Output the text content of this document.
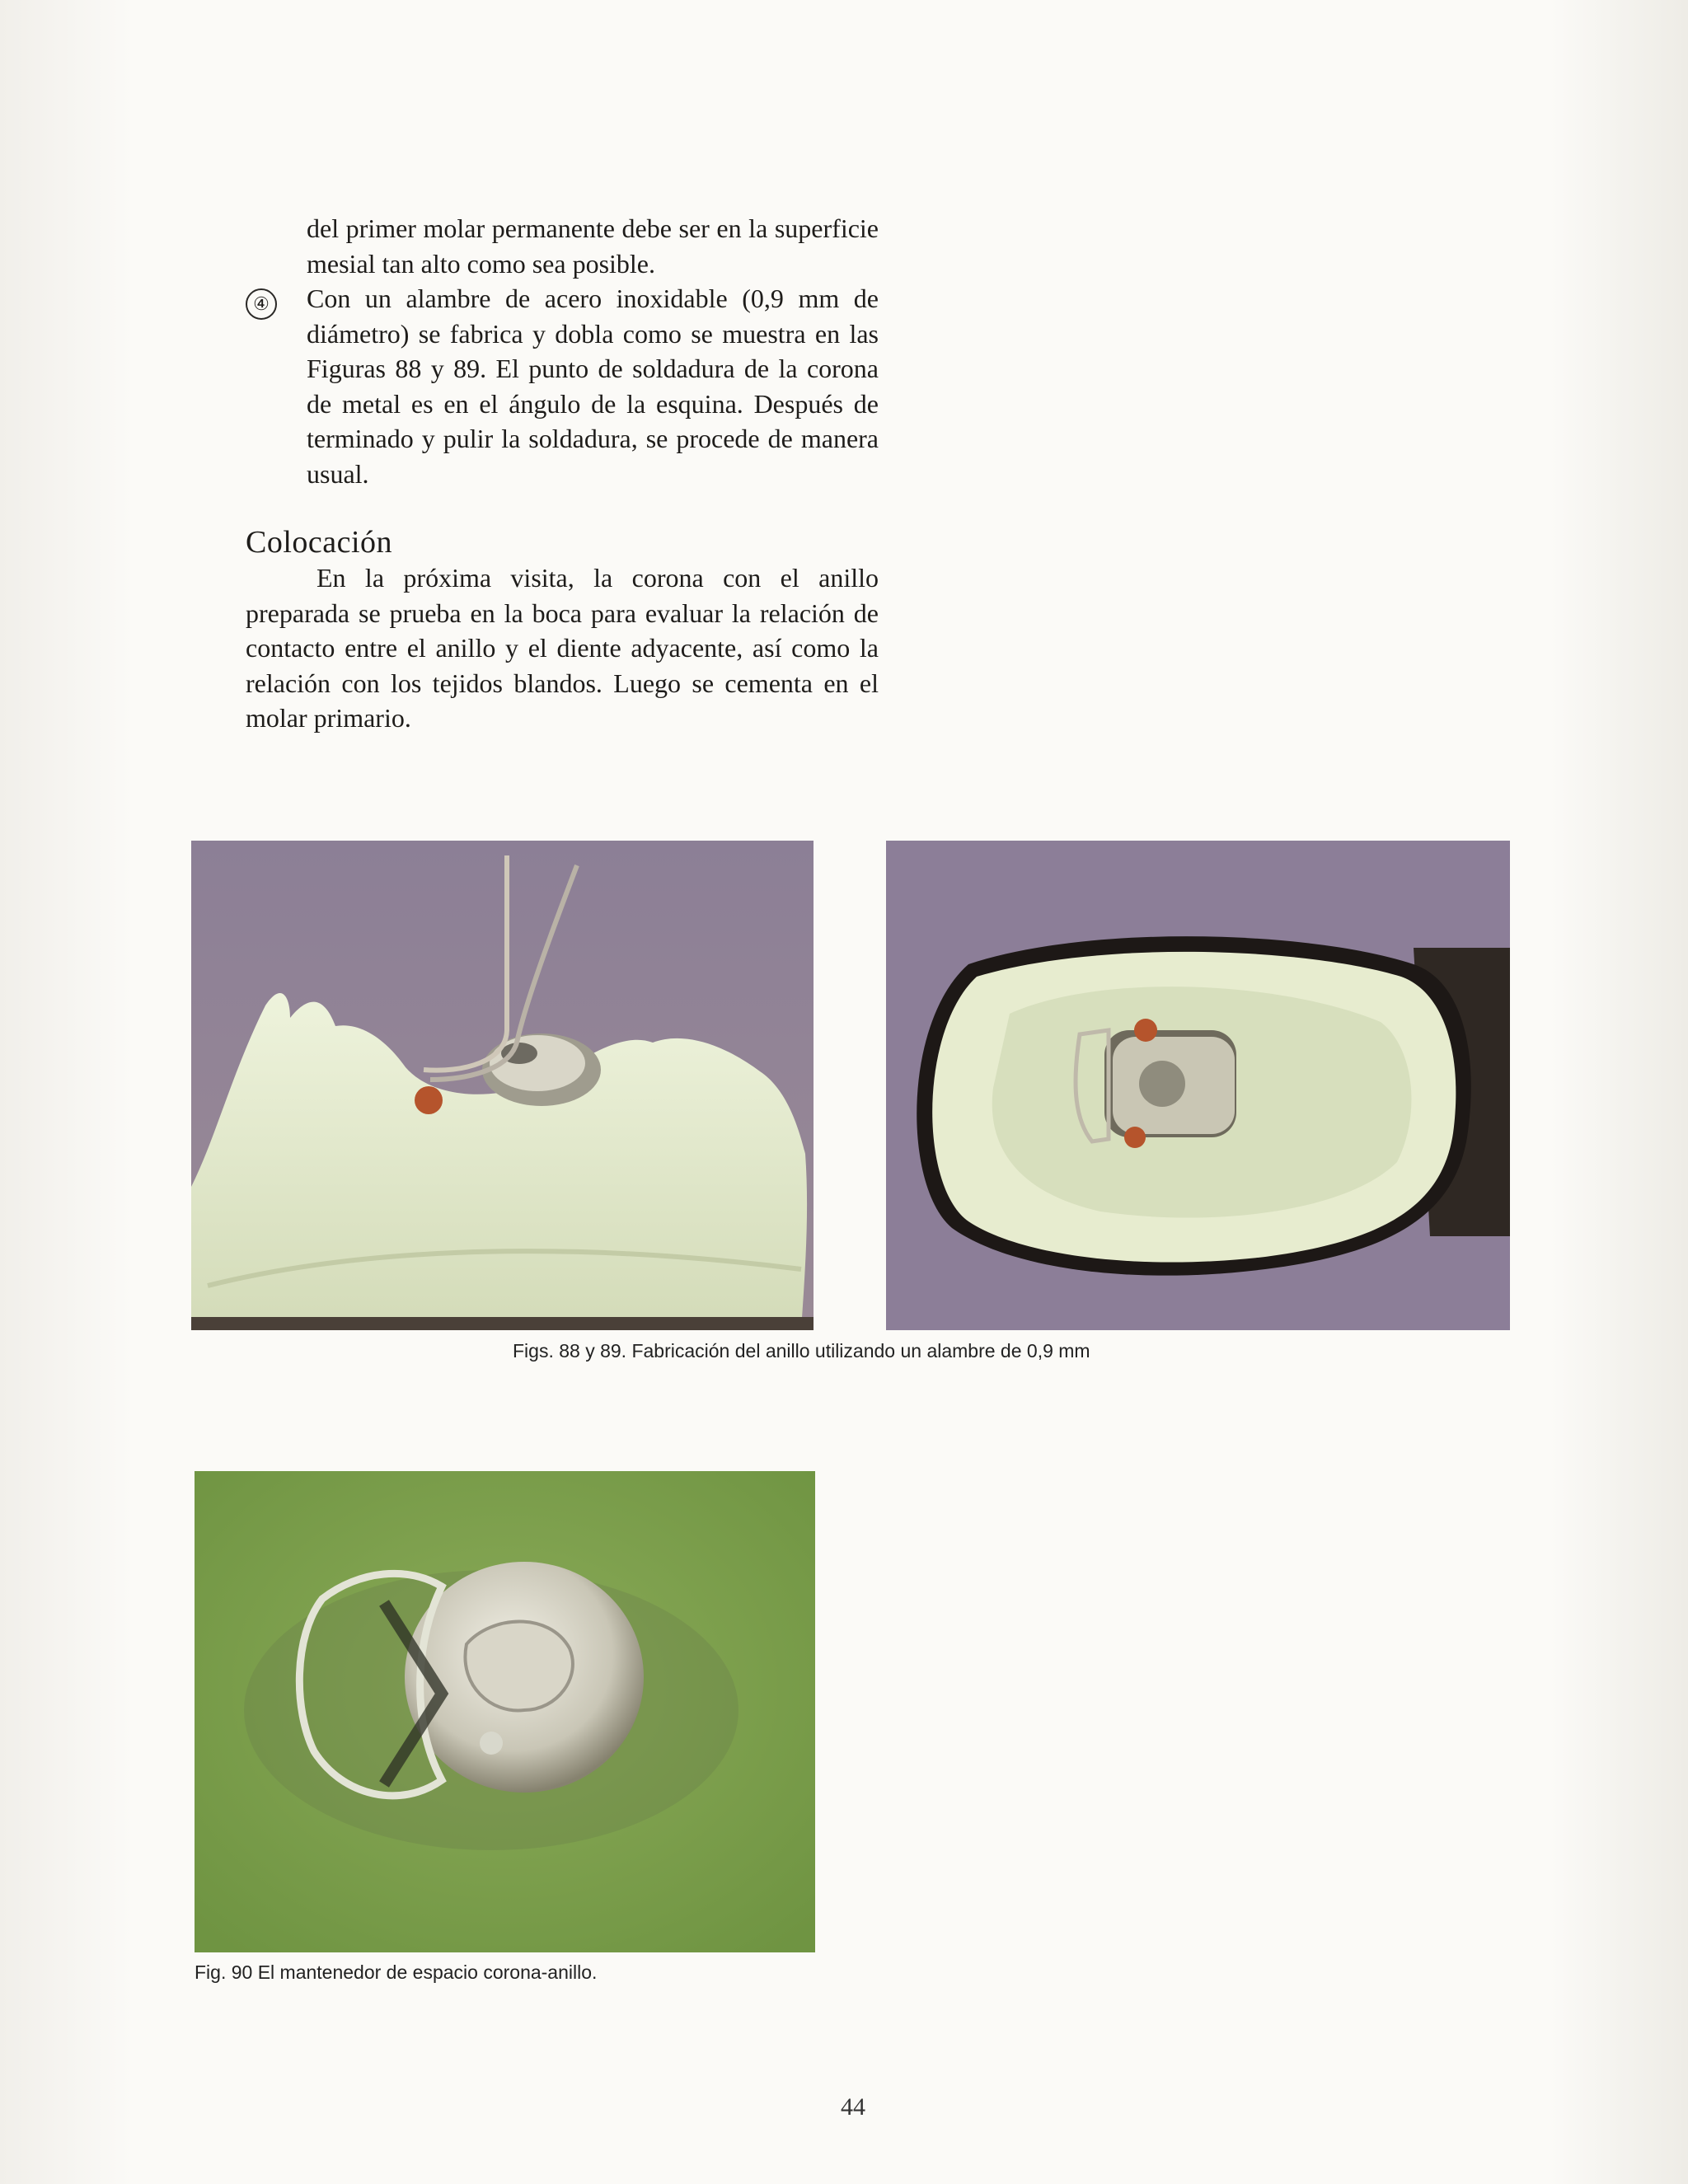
del primer molar permanente debe ser en la superficie mesial tan alto como sea posible.

④ Con un alambre de acero inoxidable (0,9 mm de diámetro) se fabrica y dobla como se muestra en las Figuras 88 y 89. El punto de soldadura de la corona de metal es en el ángulo de la esquina. Después de terminado y pulir la soldadura, se procede de manera usual.

Colocación

En la próxima visita, la corona con el anillo preparada se prueba en la boca para evaluar la relación de contacto entre el anillo y el diente adyacente, así como la relación con los tejidos blandos. Luego se cementa en el molar primario.

Figs. 88 y 89. Fabricación del anillo utilizando un alambre de 0,9 mm
Fig. 90 El mantenedor de espacio corona-anillo.
44
